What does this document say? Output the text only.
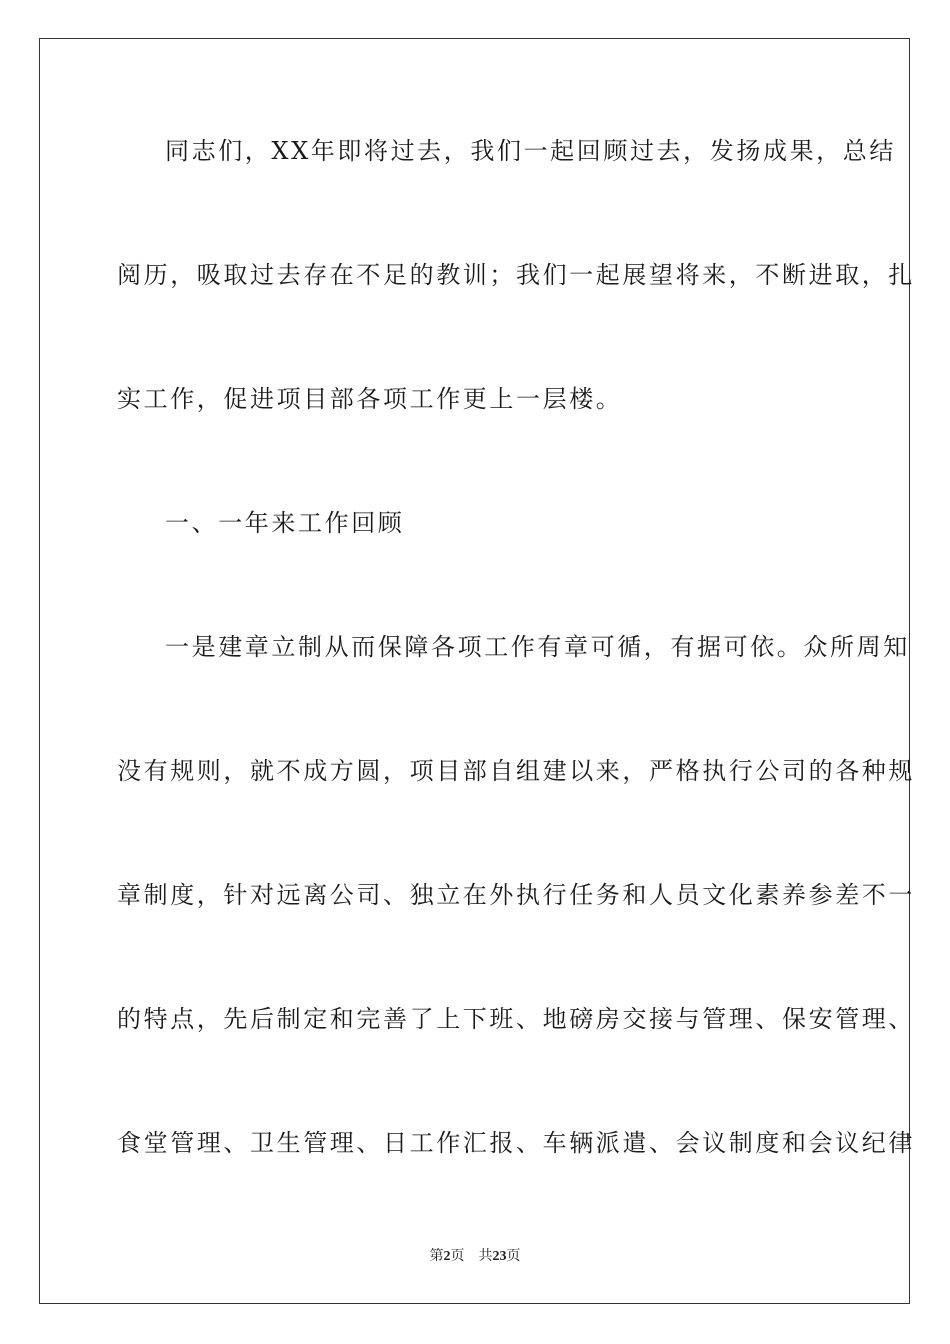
同志们，XX年即将过去，我们一起回顾过去，发扬成果，总结
阅历，吸取过去存在不足的教训；我们一起展望将来，不断进取，扎
实工作，促进项目部各项工作更上一层楼。
一、一年来工作回顾
一是建章立制从而保障各项工作有章可循，有据可依。众所周知
没有规则，就不成方圆，项目部自组建以来，严格执行公司的各种规
章制度，针对远离公司、独立在外执行任务和人员文化素养参差不一
的特点，先后制定和完善了上下班、地磅房交接与管理、保安管理、
食堂管理、卫生管理、日工作汇报、车辆派遣、会议制度和会议纪律
第2页 共23页
